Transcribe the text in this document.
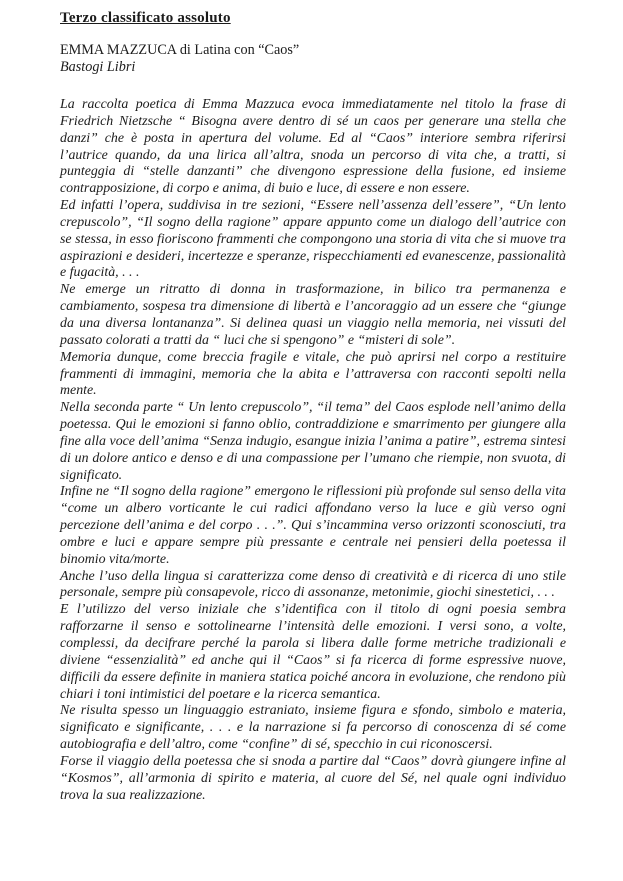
Terzo classificato assoluto

EMMA MAZZUCA di Latina con “Caos”

Bastogi Libri

La raccolta poetica di Emma Mazzuca evoca immediatamente nel titolo la frase di Friedrich Nietzsche “ Bisogna avere dentro di sé un caos per generare una stella che danzi” che è posta in apertura del volume. Ed al “Caos” interiore sembra riferirsi l’autrice quando, da una lirica all’altra, snoda un percorso di vita che, a tratti, si punteggia di “stelle danzanti” che divengono espressione della fusione, ed insieme contrapposizione, di corpo e anima, di buio e luce, di essere e non essere.

Ed infatti l’opera, suddivisa in tre sezioni, “Essere nell’assenza dell’essere”, “Un lento crepuscolo”, “Il sogno della ragione” appare appunto come un dialogo dell’autrice con se stessa, in esso fioriscono frammenti che compongono una storia di vita che si muove tra aspirazioni e desideri, incertezze e speranze, rispecchiamenti ed evanescenze, passionalità e fugacità, . . .

Ne emerge un ritratto di donna in trasformazione, in bilico tra permanenza e cambiamento, sospesa tra dimensione di libertà e l’ancoraggio ad un essere che “giunge da una diversa lontananza”. Si delinea quasi un viaggio nella memoria, nei vissuti del passato colorati a tratti da “ luci che si spengono” e “misteri di sole”.

Memoria dunque, come breccia fragile e vitale, che può aprirsi nel corpo a restituire frammenti di immagini, memoria che la abita e l’attraversa con racconti sepolti nella mente.

Nella seconda parte “ Un lento crepuscolo”, “il tema” del Caos esplode nell’animo della poetessa. Qui le emozioni si fanno oblio, contraddizione e smarrimento per giungere alla fine alla voce dell’anima “Senza indugio, esangue inizia l’anima a patire”, estrema sintesi di un dolore antico e denso e di una compassione per l’umano che riempie, non svuota, di significato.

Infine ne “Il sogno della ragione” emergono le riflessioni più profonde sul senso della vita “come un albero vorticante le cui radici affondano verso la luce e giù verso ogni percezione dell’anima e del corpo . . .”. Qui s’incammina verso orizzonti sconosciuti, tra ombre e luci e appare sempre più pressante e centrale nei pensieri della poetessa il binomio vita/morte.

Anche l’uso della lingua si caratterizza come denso di creatività e di ricerca di uno stile personale, sempre più consapevole, ricco di assonanze, metonimie, giochi sinestetici, . . .

E l’utilizzo del verso iniziale che s’identifica con il titolo di ogni poesia sembra rafforzarne il senso e sottolinearne l’intensità delle emozioni. I versi sono, a volte, complessi, da decifrare perché la parola si libera dalle forme metriche tradizionali e diviene “essenzialità” ed anche qui il “Caos” si fa ricerca di forme espressive nuove, difficili da essere definite in maniera statica poiché ancora in evoluzione, che rendono più chiari i toni intimistici del poetare e la ricerca semantica.

Ne risulta spesso un linguaggio estraniato, insieme figura e sfondo, simbolo e materia, significato e significante, . . . e la narrazione si fa percorso di conoscenza di sé come autobiografia e dell’altro, come “confine” di sé, specchio in cui riconoscersi.

Forse il viaggio della poetessa che si snoda a partire dal “Caos” dovrà giungere infine al “Kosmos”, all’armonia di spirito e materia, al cuore del Sé, nel quale ogni individuo trova la sua realizzazione.
